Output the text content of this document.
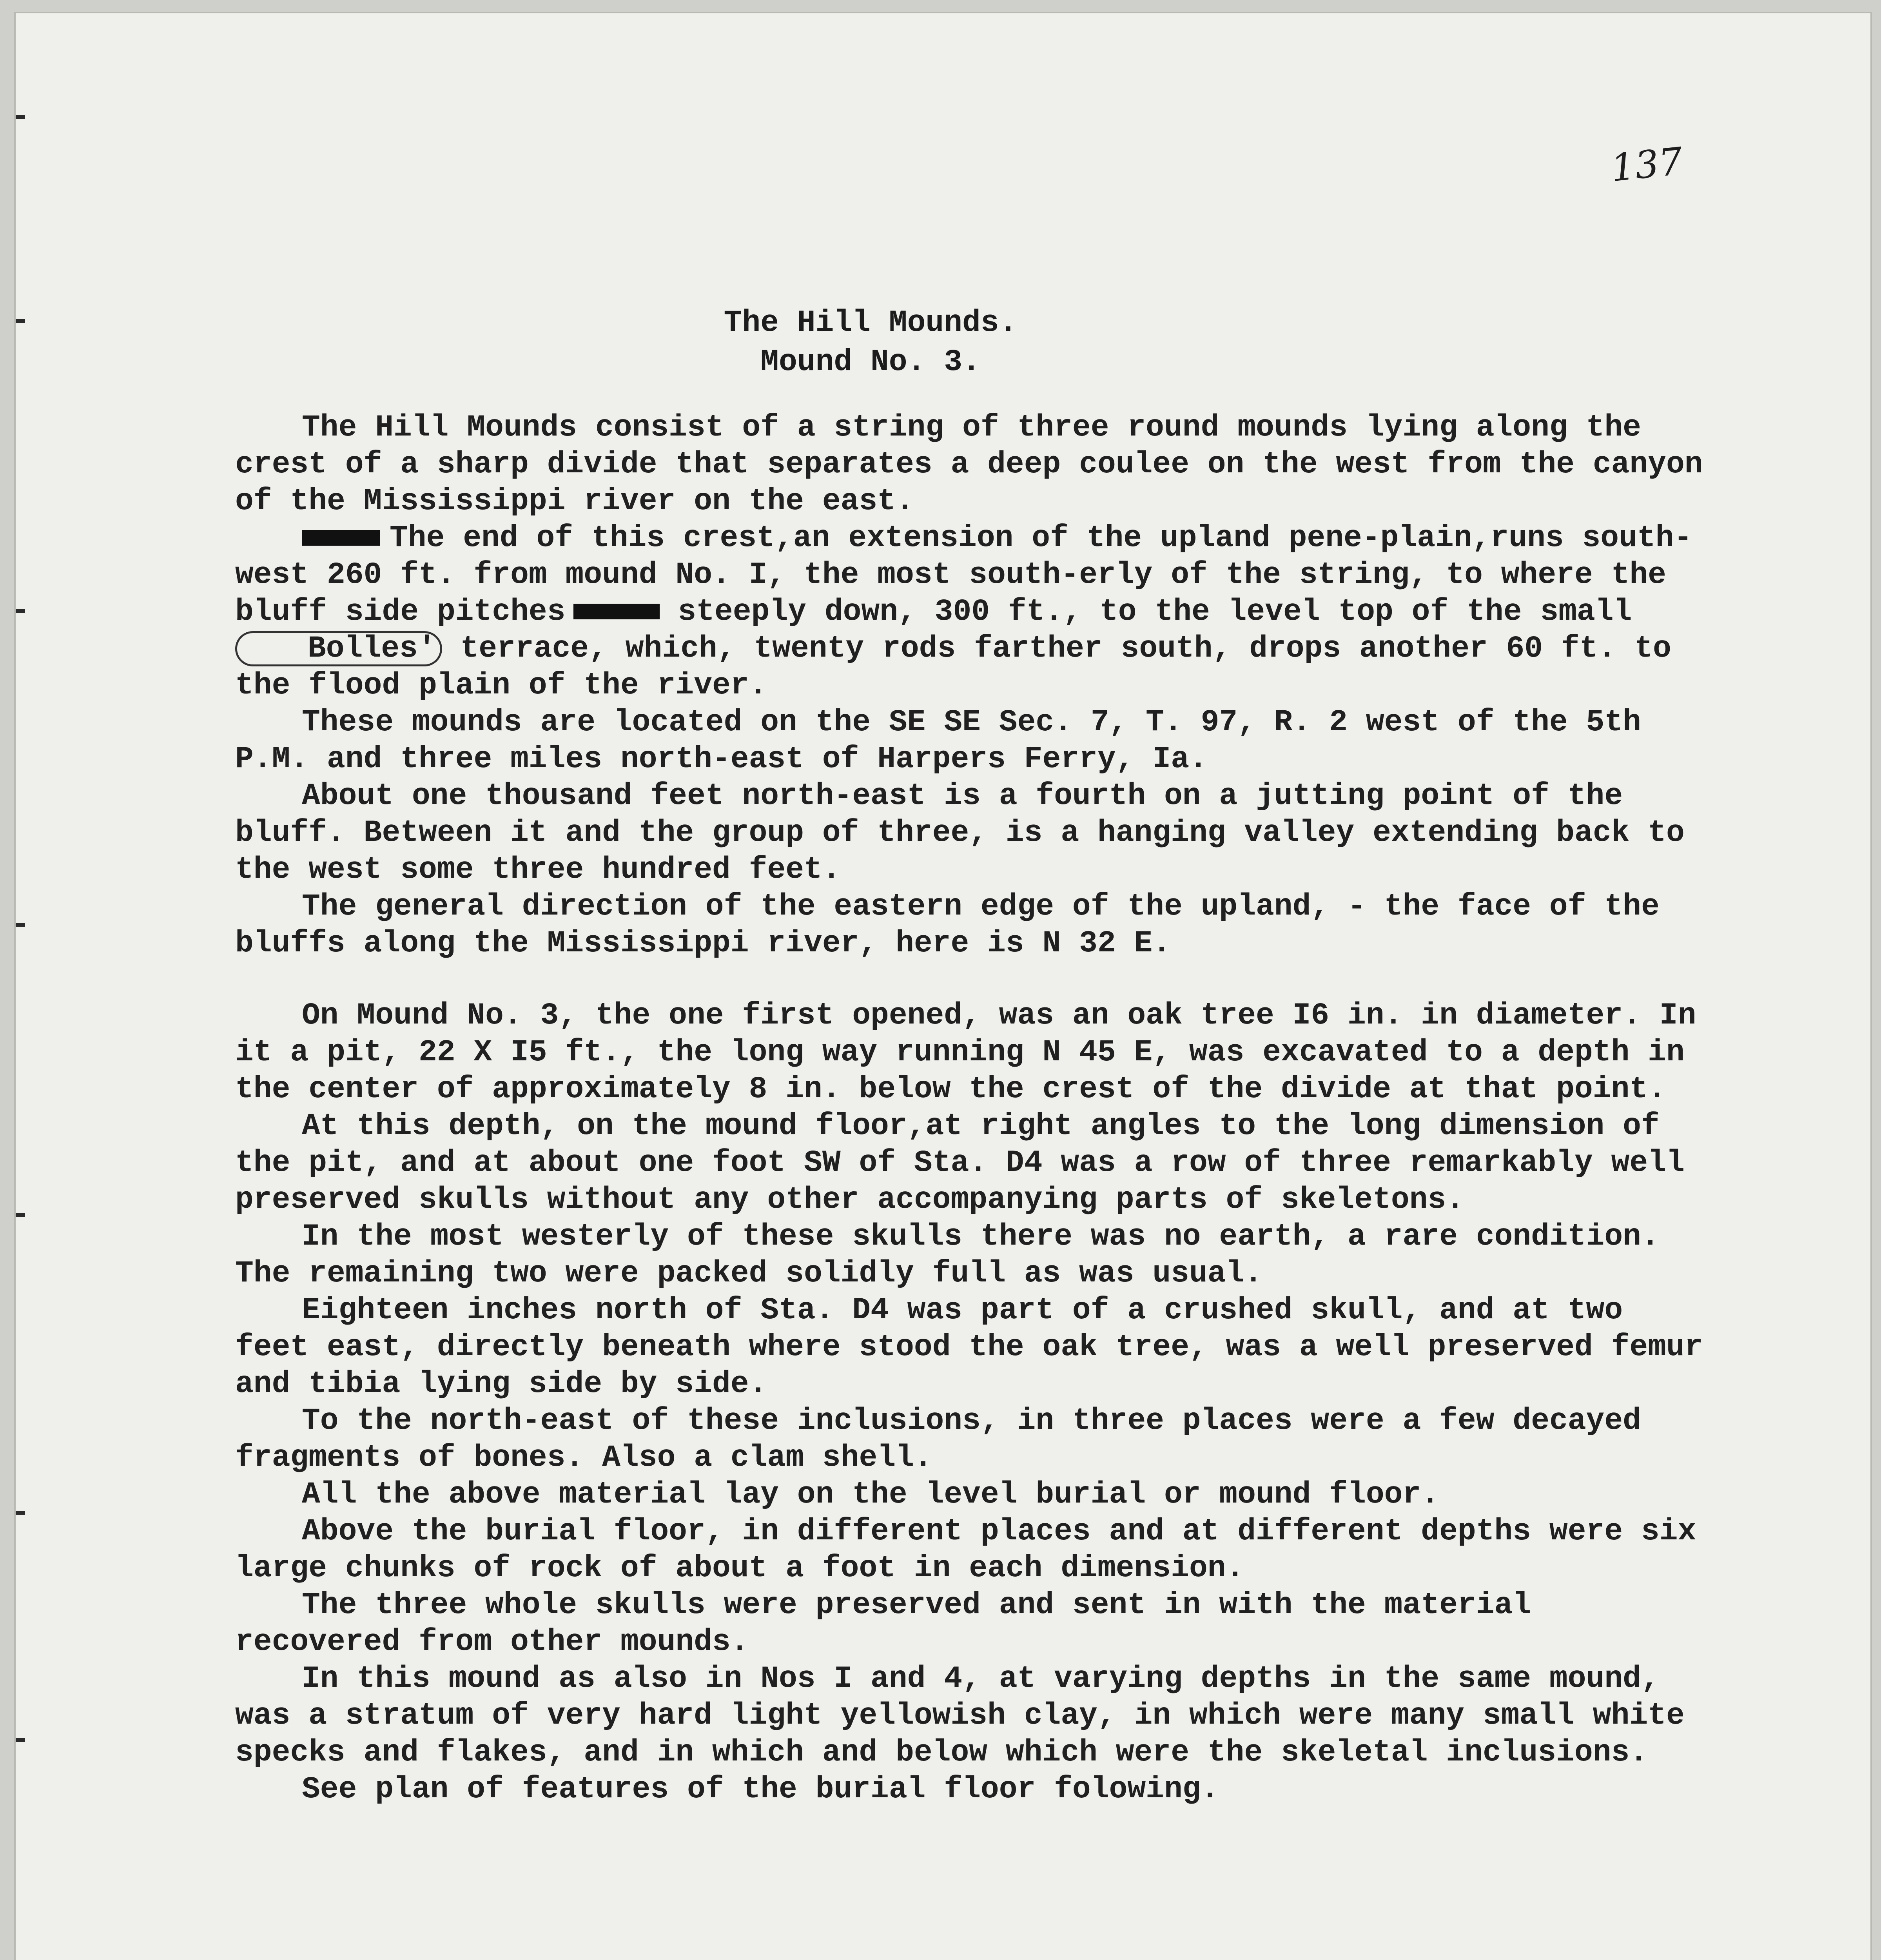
137
The Hill Mounds.
Mound No. 3.

The Hill Mounds consist of a string of three round mounds lying along the crest of a sharp divide that separates a deep coulee on the west from the canyon of the Mississippi river on the east.

The end of this crest,an extension of the upland pene-plain,runs south-west 260 ft. from mound No. I, the most south-erly of the string, to where the bluff side pitches	steeply down, 300 ft., to the level top of the small Bolles' terrace, which, twenty rods farther south, drops another 60 ft. to the flood plain of the river.

These mounds are located on the SE SE Sec. 7, T. 97, R. 2 west of the 5th P.M. and three miles north-east of Harpers Ferry, Ia.

About one thousand feet north-east is a fourth on a jutting point of the bluff. Between it and the group of three, is a hanging valley extending back to the west some three hundred feet.

The general direction of the eastern edge of the upland, - the face of the bluffs along the Mississippi river, here is N 32 E.

On Mound No. 3, the one first opened, was an oak tree I6 in. in diameter. In it a pit, 22 X I5 ft., the long way running N 45 E, was excavated to a depth in the center of approximately 8 in. below the crest of the divide at that point.

At this depth, on the mound floor,at right angles to the long dimension of the pit, and at about one foot SW of Sta. D4 was a row of three remarkably well preserved skulls without any other accompanying parts of skeletons.

In the most westerly of these skulls there was no earth, a rare condition. The remaining two were packed solidly full as was usual.

Eighteen inches north of Sta. D4 was part of a crushed skull, and at two feet east, directly beneath where stood the oak tree, was a well preserved femur and tibia lying side by side.

To the north-east of these inclusions, in three places were a few decayed fragments of bones. Also a clam shell.

All the above material lay on the level burial or mound floor.

Above the burial floor, in different places and at different depths were six large chunks of rock of about a foot in each dimension.

The three whole skulls were preserved and sent in with the material recovered from other mounds.

In this mound as also in Nos I and 4, at varying depths in the same mound, was a stratum of very hard light yellowish clay, in which were many small white specks and flakes, and in which and below which were the skeletal inclusions.

See plan of features of the burial floor folowing.
